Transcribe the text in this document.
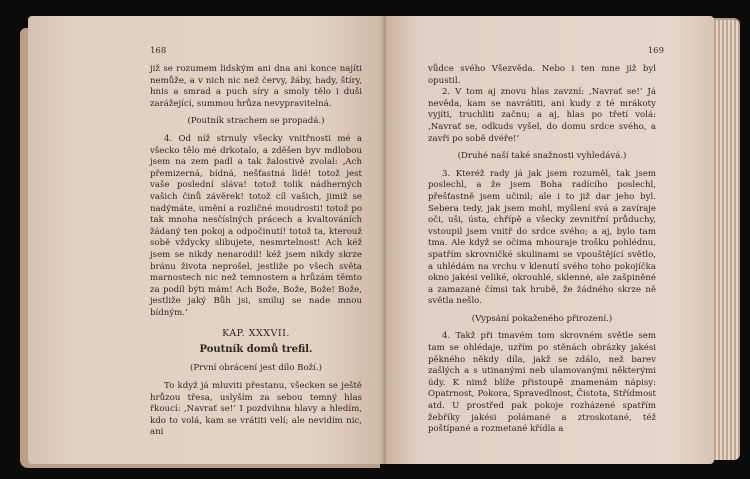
168

již se rozumem lidským ani dna ani konce najíti nemůže, a v nich nic než červy, žáby, hady, štíry, hnis a smrad a puch síry a smoly tělo i duši zarážející, summou hrůza nevypravitelná.

(Poutník strachem se propadá.)

4. Od níž strnuly všecky vnitřnosti mé a všecko tělo mé drkotalo, a zděšen byv mdlobou jsem na zem padl a tak žalostivě zvolal: ‚Ach přemizerná, bídná, nešťastná lidé! totož jest vaše poslední sláva! totož tolik nádherných vašich činů závěrek! totož cíl vašich, jimiž se nadýmáte, umění a rozličné moudrosti! totož po tak mnoha nesčíslných prácech a kvaltováních žádaný ten pokoj a odpočinutí! totož ta, kterouž sobě vždycky slibujete, nesmrtelnost! Ach kéž jsem se nikdy nenarodil! kéž jsem nikdy skrze bránu života neprošel, jestliže po všech světa marnostech nic než temnostem a hrůzám těmto za podíl býti mám! Ach Bože, Bože, Bože! Bože, jestliže jaký Bůh jsi, smiluj se nade mnou bídným.‘

KAP. XXXVII.
Poutník domů trefil.
(První obrácení jest dílo Boží.)

To když já mluviti přestanu, všecken se ještě hrůzou třesa, uslyším za sebou temný hlas řkoucí: ‚Navrať se!‘ I pozdvihna hlavy a hledím, kdo to volá, kam se vrátiti velí; ale nevidím nic, ani

169

vůdce svého Všezvěda. Nebo i ten mne již byl opustil.

2. V tom aj znovu hlas zavzní: ‚Navrať se!‘ Já nevěda, kam se navrátiti, ani kudy z té mrákoty vyjíti, truchliti začnu; a aj, hlas po třetí volá: ‚Navrať se, odkuds vyšel, do domu srdce svého, a zavři po sobě dvéře!‘

(Druhé naší také snažnosti vyhledává.)

3. Kteréž rady já jak jsem rozuměl, tak jsem poslechl, a že jsem Boha radícího poslechl, přešťastně jsem učinil; ale i to již dar jeho byl. Sebera tedy, jak jsem mohl, myšlení svá a zavíraje oči, uši, ústa, chřípě a všecky zevnitřní průduchy, vstoupil jsem vnitř do srdce svého; a aj, bylo tam tma. Ale když se očima mhouraje trošku pohlédnu, spatřím skrovničké skulinami se vpouštějící světlo, a uhlédám na vrchu v klenutí svého toho pokojíčka okno jakési veliké, okrouhlé, sklenné, ale zašpiněné a zamazané čímsi tak hrubě, že žádného skrze ně světla nešlo.

(Vypsání pokaženého přirození.)

4. Takž při tmavém tom skrovném světle sem tam se ohlédaje, uzřím po stěnách obrázky jakési pěkného někdy díla, jakž se zdálo, než barev zašlých a s utinanými neb ulamovanými některými údy. K nimž blíže přistoupě znamenám nápisy: Opatrnost, Pokora, Spravedlnost, Čistota, Střídmost atd. U prostřed pak pokoje rozházené spatřím žebříky jakési polámané a ztroskotané, též poštípané a rozmetané křídla a
